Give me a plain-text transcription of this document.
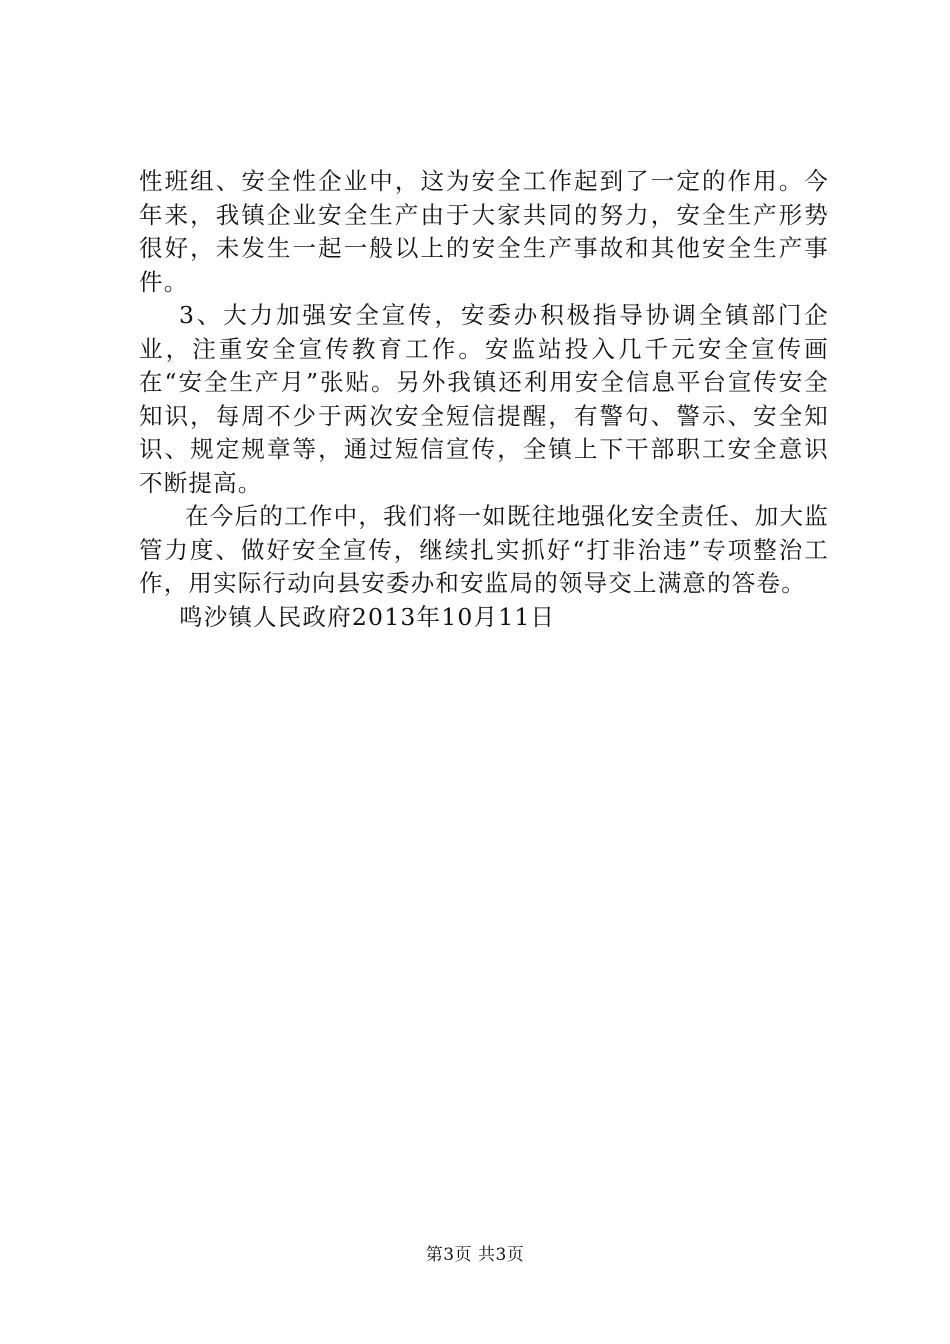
性班组、安全性企业中，这为安全工作起到了一定的作用。今年来，我镇企业安全生产由于大家共同的努力，安全生产形势很好，未发生一起一般以上的安全生产事故和其他安全生产事件。

3、大力加强安全宣传，安委办积极指导协调全镇部门企业，注重安全宣传教育工作。安监站投入几千元安全宣传画在“安全生产月”张贴。另外我镇还利用安全信息平台宣传安全知识，每周不少于两次安全短信提醒，有警句、警示、安全知识、规定规章等，通过短信宣传，全镇上下干部职工安全意识不断提高。

在今后的工作中，我们将一如既往地强化安全责任、加大监管力度、做好安全宣传，继续扎实抓好“打非治违”专项整治工作，用实际行动向县安委办和安监局的领导交上满意的答卷。

鸣沙镇人民政府2013年10月11日

第3页 共3页
